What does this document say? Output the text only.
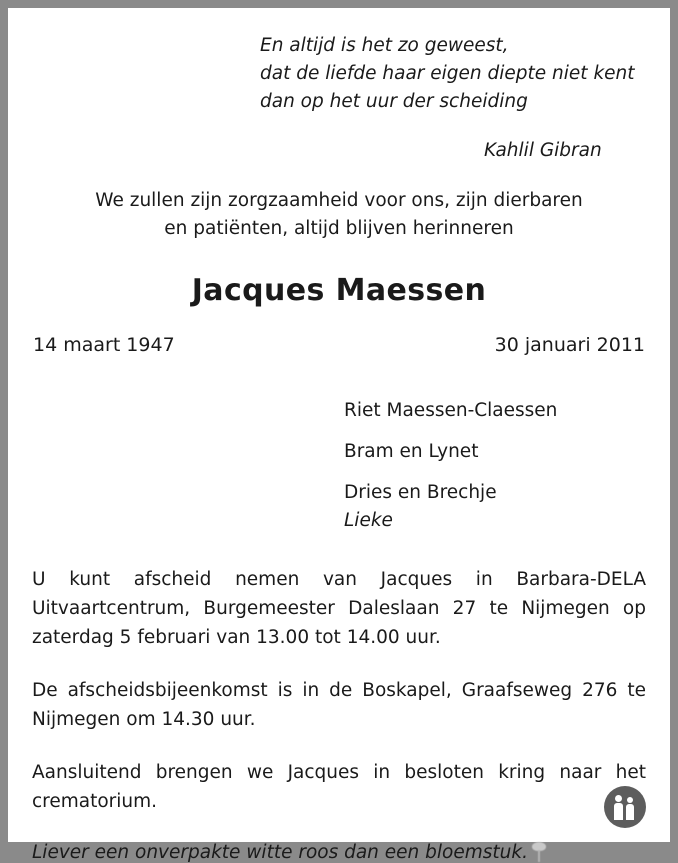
En altijd is het zo geweest,
dat de liefde haar eigen diepte niet kent
dan op het uur der scheiding
Kahlil Gibran
We zullen zijn zorgzaamheid voor ons, zijn dierbaren
en patiënten, altijd blijven herinneren
Jacques Maessen
14 maart 1947	30 januari 2011
Riet Maessen-Claessen
Bram en Lynet
Dries en Brechje
Lieke
U kunt afscheid nemen van Jacques in Barbara-DELA Uitvaartcentrum, Burgemeester Daleslaan 27 te Nijmegen op zaterdag 5 februari van 13.00 tot 14.00 uur.
De afscheidsbijeenkomst is in de Boskapel, Graafseweg 276 te Nijmegen om 14.30 uur.
Aansluitend brengen we Jacques in besloten kring naar het crematorium.
Liever een onverpakte witte roos dan een bloemstuk.
